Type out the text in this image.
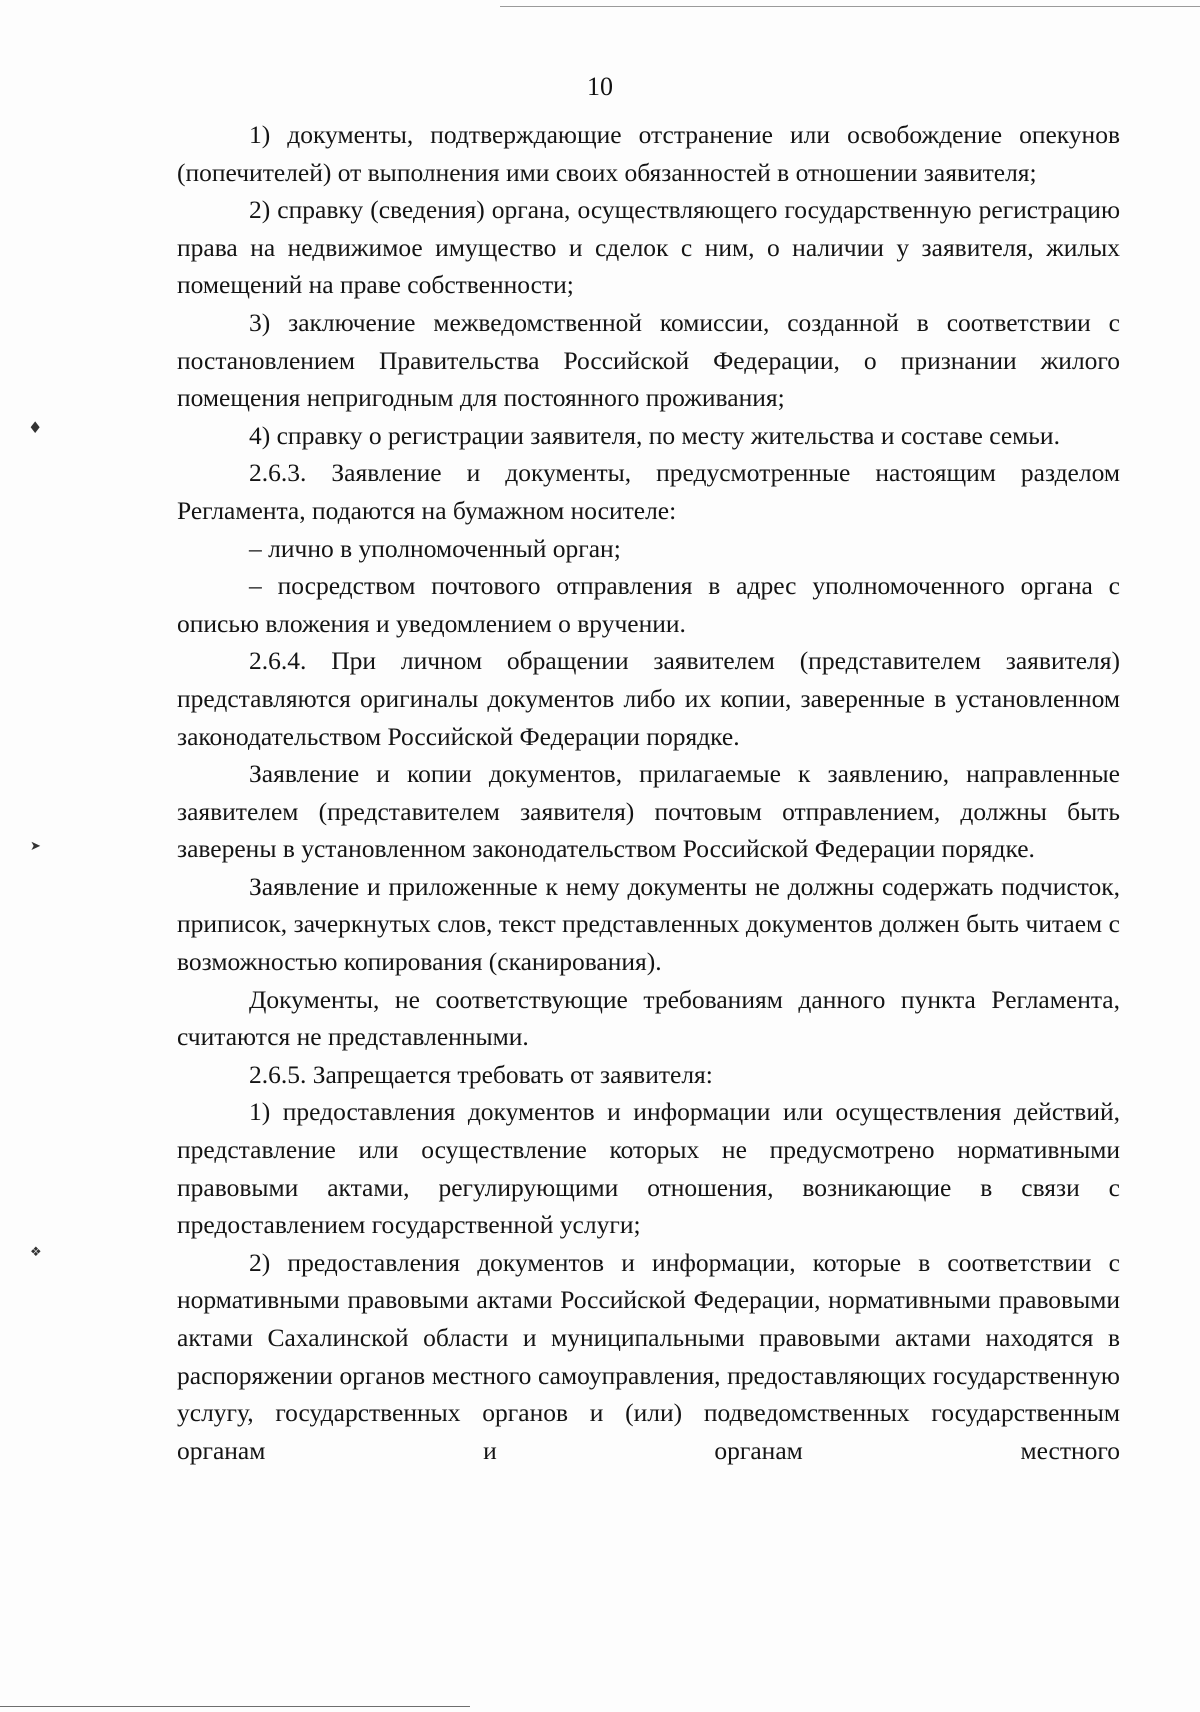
♦
➤
❖
10

1) документы, подтверждающие отстранение или освобождение опекунов (попечителей) от выполнения ими своих обязанностей в отношении заявителя;

2) справку (сведения) органа, осуществляющего государственную регистрацию права на недвижимое имущество и сделок с ним, о наличии у заявителя, жилых помещений на праве собственности;

3) заключение межведомственной комиссии, созданной в соответствии с постановлением Правительства Российской Федерации, о признании жилого помещения непригодным для постоянного проживания;

4) справку о регистрации заявителя, по месту жительства и составе семьи.

2.6.3. Заявление и документы, предусмотренные настоящим разделом Регламента, подаются на бумажном носителе:

– лично в уполномоченный орган;

– посредством почтового отправления в адрес уполномоченного органа с описью вложения и уведомлением о вручении.

2.6.4. При личном обращении заявителем (представителем заявителя) представляются оригиналы документов либо их копии, заверенные в установленном законодательством Российской Федерации порядке.

Заявление и копии документов, прилагаемые к заявлению, направленные заявителем (представителем заявителя) почтовым отправлением, должны быть заверены в установленном законодательством Российской Федерации порядке.

Заявление и приложенные к нему документы не должны содержать подчисток, приписок, зачеркнутых слов, текст представленных документов должен быть читаем с возможностью копирования (сканирования).

Документы, не соответствующие требованиям данного пункта Регламента, считаются не представленными.

2.6.5. Запрещается требовать от заявителя:

1) предоставления документов и информации или осуществления действий, представление или осуществление которых не предусмотрено нормативными правовыми актами, регулирующими отношения, возникающие в связи с предоставлением государственной услуги;

2) предоставления документов и информации, которые в соответствии с нормативными правовыми актами Российской Федерации, нормативными правовыми актами Сахалинской области и муниципальными правовыми актами находятся в распоряжении органов местного самоуправления, предоставляющих государственную услугу, государственных органов и (или) подведомственных государственным органам и органам местного
